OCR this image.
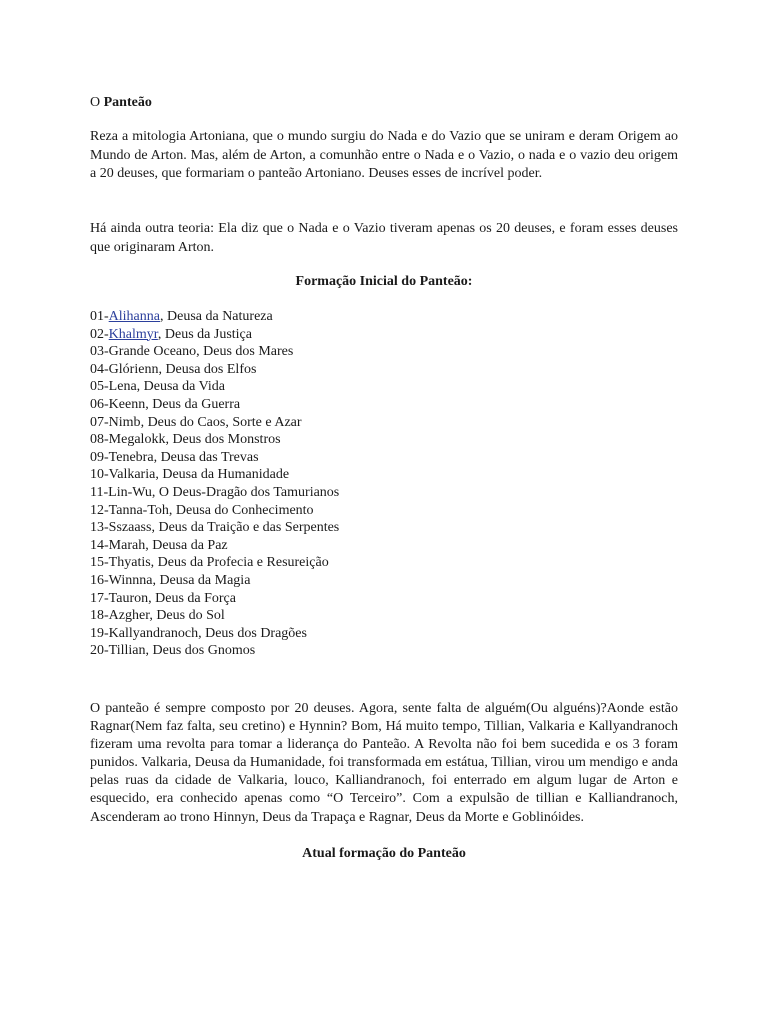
O Panteão

Reza a mitologia Artoniana, que o mundo surgiu do Nada e do Vazio que se uniram e deram Origem ao Mundo de Arton. Mas, além de Arton, a comunhão entre o Nada e o Vazio, o nada e o vazio deu origem a 20 deuses, que formariam o panteão Artoniano. Deuses esses de incrível poder.

Há ainda outra teoria: Ela diz que o Nada e o Vazio tiveram apenas os 20 deuses, e foram esses deuses que originaram Arton.

Formação Inicial do Panteão:
01-Alihanna, Deusa da Natureza
02-Khalmyr, Deus da Justiça
03-Grande Oceano, Deus dos Mares
04-Glórienn, Deusa dos Elfos
05-Lena, Deusa da Vida
06-Keenn, Deus da Guerra
07-Nimb, Deus do Caos, Sorte e Azar
08-Megalokk, Deus dos Monstros
09-Tenebra, Deusa das Trevas
10-Valkaria, Deusa da Humanidade
11-Lin-Wu, O Deus-Dragão dos Tamurianos
12-Tanna-Toh, Deusa do Conhecimento
13-Sszaass, Deus da Traição e das Serpentes
14-Marah, Deusa da Paz
15-Thyatis, Deus da Profecia e Resureição
16-Winnna, Deusa da Magia
17-Tauron, Deus da Força
18-Azgher, Deus do Sol
19-Kallyandranoch, Deus dos Dragões
20-Tillian, Deus dos Gnomos

O panteão é sempre composto por 20 deuses. Agora, sente falta de alguém(Ou alguéns)?Aonde estão Ragnar(Nem faz falta, seu cretino) e Hynnin? Bom, Há muito tempo, Tillian, Valkaria e Kallyandranoch fizeram uma revolta para tomar a liderança do Panteão. A Revolta não foi bem sucedida e os 3 foram punidos. Valkaria, Deusa da Humanidade, foi transformada em estátua, Tillian, virou um mendigo e anda pelas ruas da cidade de Valkaria, louco, Kalliandranoch, foi enterrado em algum lugar de Arton e esquecido, era conhecido apenas como “O Terceiro”. Com a expulsão de tillian e Kalliandranoch, Ascenderam ao trono Hinnyn, Deus da Trapaça e Ragnar, Deus da Morte e Goblinóides.

Atual formação do Panteão
